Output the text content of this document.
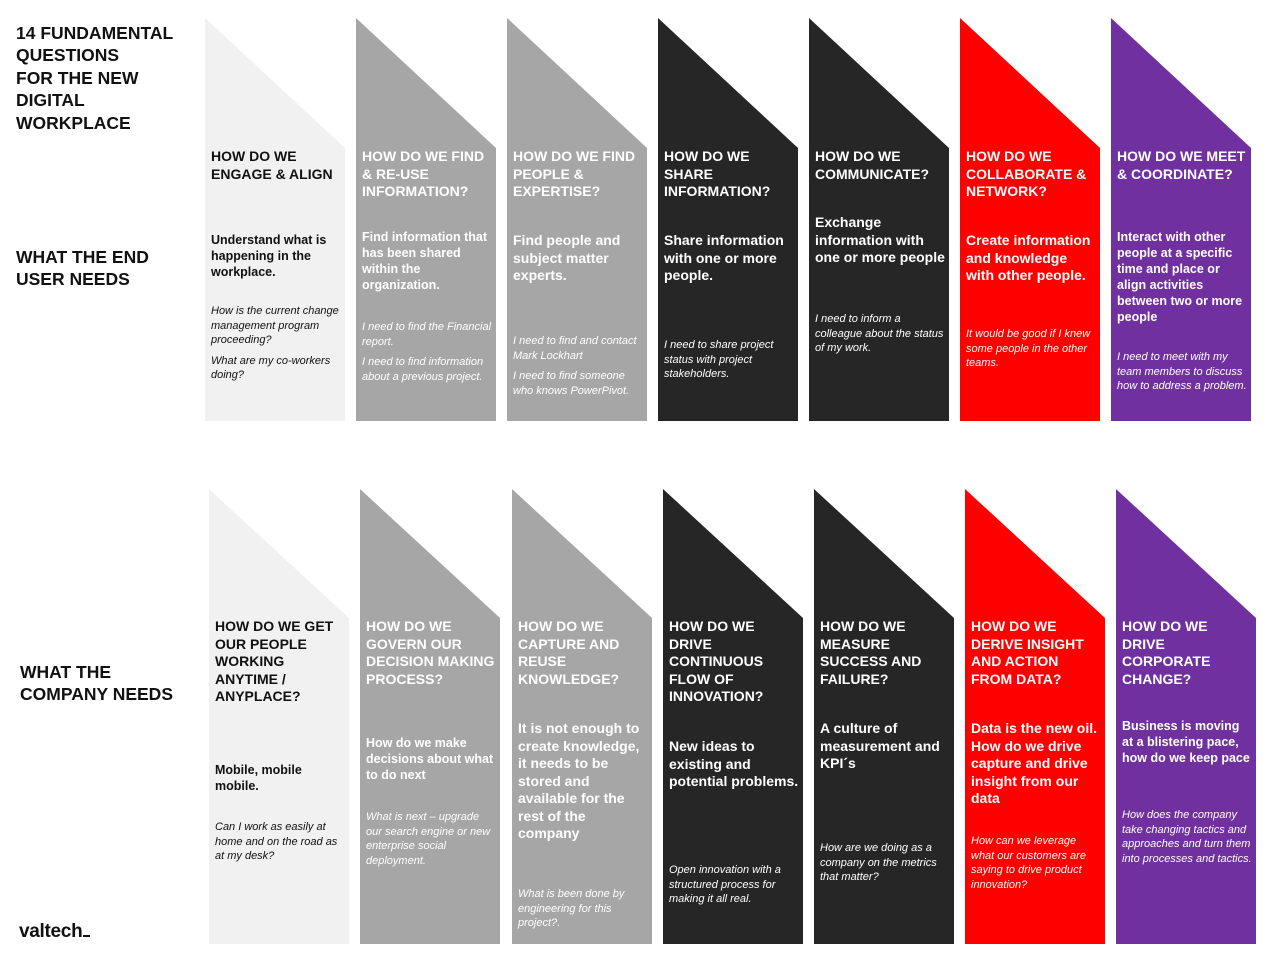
14 FUNDAMENTAL
QUESTIONS
FOR THE NEW
DIGITAL
WORKPLACE
WHAT THE END
USER NEEDS
WHAT THE
COMPANY NEEDS
HOW DO WE ENGAGE & ALIGN
Understand what is happening in the workplace.

How is the current change management program proceeding?

What are my co-workers doing?

HOW DO WE FIND & RE-USE INFORMATION?
Find information that has been shared within the organization.

I need to find the Financial report.

I need to find information about a previous project.

HOW DO WE FIND PEOPLE & EXPERTISE?
Find people and subject matter experts.

I need to find and contact Mark Lockhart

I need to find someone who knows PowerPivot.

HOW DO WE SHARE INFORMATION?
Share information with one or more people.

I need to share project status with project stakeholders.

HOW DO WE COMMUNICATE?
Exchange information with one or more people

I need to inform a colleague about the status of my work.

HOW DO WE COLLABORATE & NETWORK?
Create information and knowledge with other people.

It would be good if I knew some people in the other teams.

HOW DO WE MEET & COORDINATE?
Interact with other people at a specific time and place or align activities between two or more people

I need to meet with my team members to discuss how to address a problem.

HOW DO WE GET OUR PEOPLE WORKING ANYTIME / ANYPLACE?
Mobile, mobile mobile.

Can I work as easily at home and on the road as at my desk?

HOW DO WE GOVERN OUR DECISION MAKING PROCESS?
How do we make decisions about what to do next

What is next – upgrade our search engine or new enterprise social deployment.

HOW DO WE CAPTURE AND REUSE KNOWLEDGE?
It is not enough to create knowledge, it needs to be stored and available for the rest of the company

What is been done by engineering for this project?.

HOW DO WE DRIVE CONTINUOUS FLOW OF INNOVATION?
New ideas to existing and potential problems.

Open innovation with a structured process for making it all real.

HOW DO WE MEASURE SUCCESS AND FAILURE?
A culture of measurement and KPI´s

How are we doing as a company on the metrics that matter?

HOW DO WE DERIVE INSIGHT AND ACTION FROM DATA?
Data is the new oil. How do we drive capture and drive insight from our data

How can we leverage what our customers are saying to drive product innovation?

HOW DO WE DRIVE CORPORATE CHANGE?
Business is moving at a blistering pace, how do we keep pace

How does the company take changing tactics and approaches and turn them into processes and tactics.

valtech
